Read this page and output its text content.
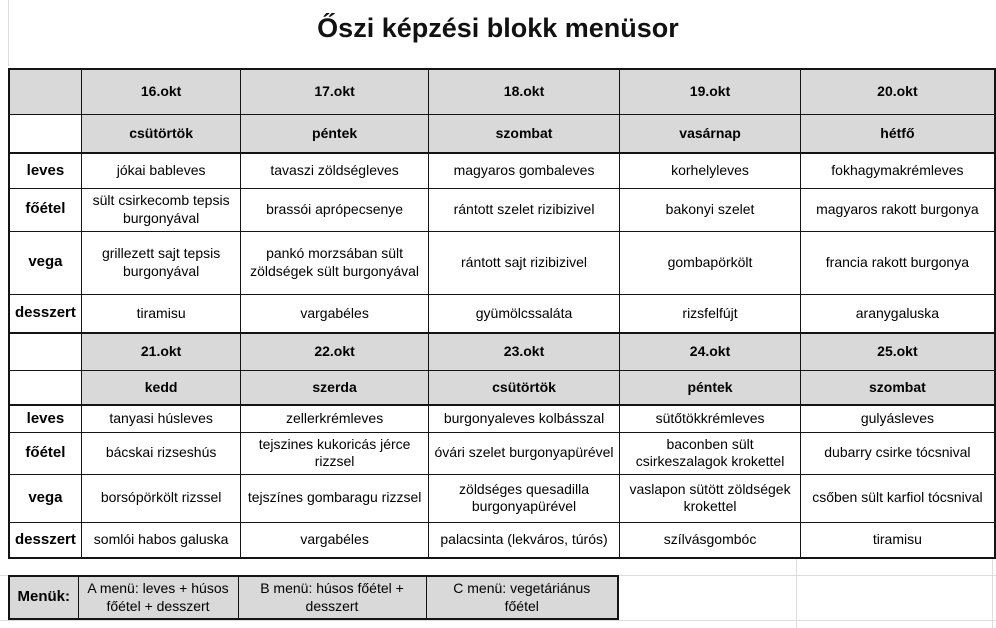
Őszi képzési blokk menüsor
	16.okt	17.okt	18.okt	19.okt	20.okt
	csütörtök	péntek	szombat	vasárnap	hétfő
leves	jókai bableves	tavaszi zöldségleves	magyaros gombaleves	korhelyleves	fokhagymakrémleves
főétel	sült csirkecomb tepsis burgonyával	brassói aprópecsenye	rántott szelet rizibizivel	bakonyi szelet	magyaros rakott burgonya
vega	grillezett sajt tepsis burgonyával	pankó morzsában sült zöldségek sült burgonyával	rántott sajt rizibizivel	gombapörkölt	francia rakott burgonya
desszert	tiramisu	vargabéles	gyümölcssaláta	rizsfelfújt	aranygaluska
	21.okt	22.okt	23.okt	24.okt	25.okt
	kedd	szerda	csütörtök	péntek	szombat
leves	tanyasi húsleves	zellerkrémleves	burgonyaleves kolbásszal	sütőtökkrémleves	gulyásleves
főétel	bácskai rizseshús	tejszines kukoricás jérce rizzsel	óvári szelet burgonyapürével	baconben sült csirkeszalagok krokettel	dubarry csirke tócsnival
vega	borsópörkölt rizssel	tejszínes gombaragu rizzsel	zöldséges quesadilla burgonyapürével	vaslapon sütött zöldségek krokettel	csőben sült karfiol tócsnival
desszert	somlói habos galuska	vargabéles	palacsinta (lekváros, túrós)	szílvásgombóc	tiramisu
Menük:	A menü: leves + húsos főétel + desszert	B menü: húsos főétel + desszert	C menü: vegetáriánus főétel
